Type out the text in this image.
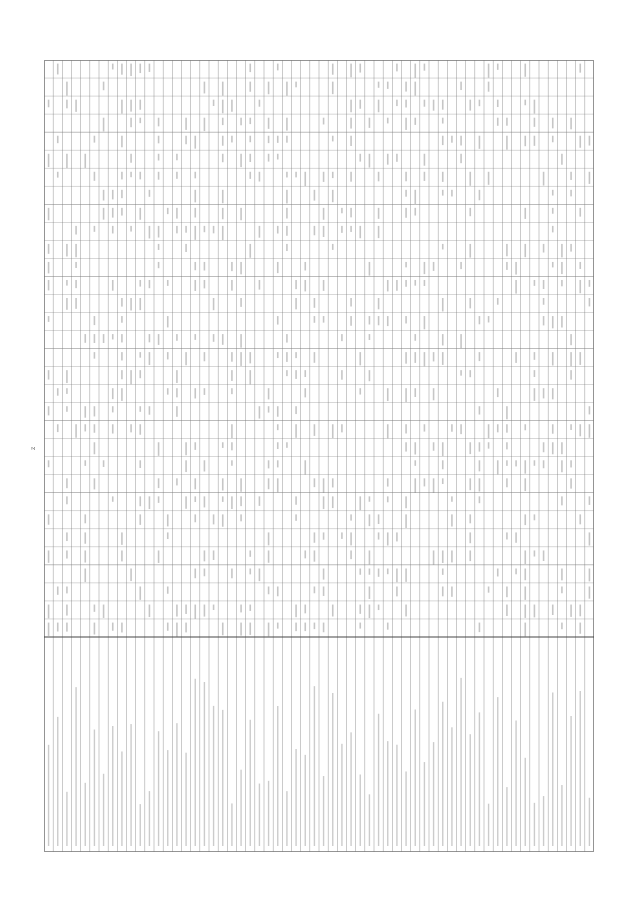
z
